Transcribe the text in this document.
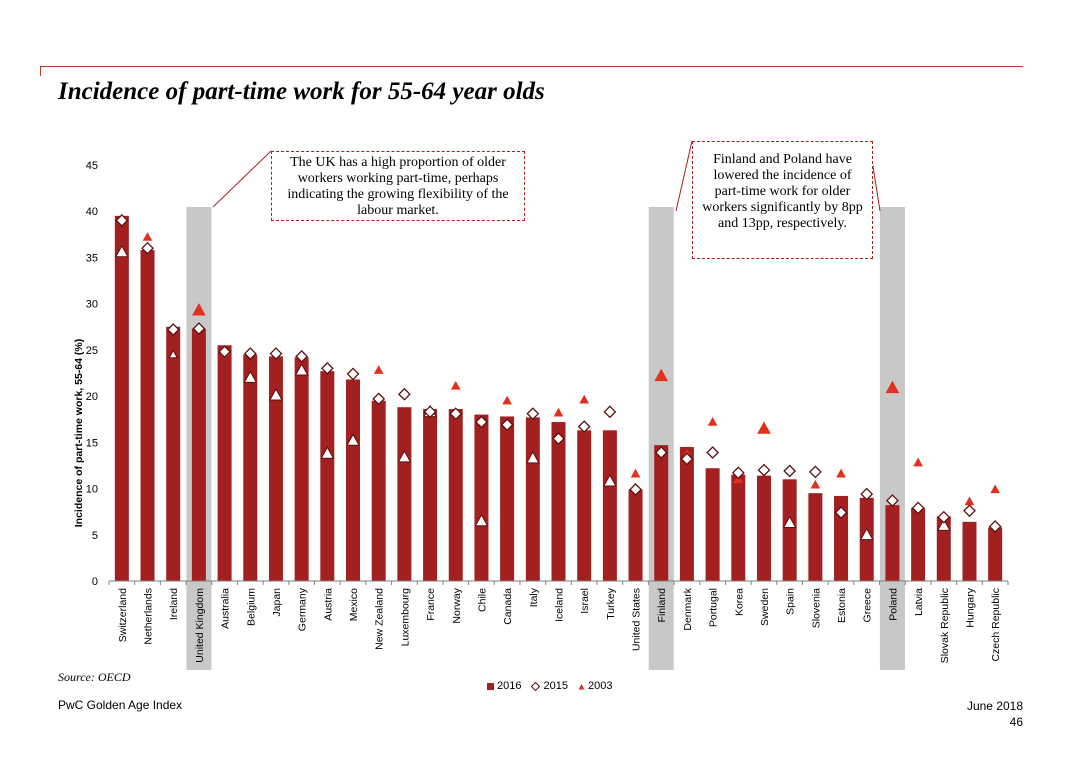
Incidence of part-time work for 55-64 year olds
0
5
10
15
20
25
30
35
40
45
Incidence of part-time work, 55-64 (%)
Switzerland Netherlands Ireland United Kingdom Australia Belgium Japan Germany Austria Mexico New Zealand Luxembourg France Norway Chile Canada Italy Iceland Israel Turkey United States Finland Denmark Portugal Korea Sweden Spain Slovenia Estonia Greece Poland Latvia Slovak Republic Hungary Czech Republic
The UK has a high proportion of older workers working part-time, perhaps indicating the growing flexibility of the labour market.
Finland and Poland have lowered the incidence of part-time work for older workers significantly by 8pp and 13pp, respectively.
2016 2015 2003
Source: OECD
PwC Golden Age Index	June 2018
46
